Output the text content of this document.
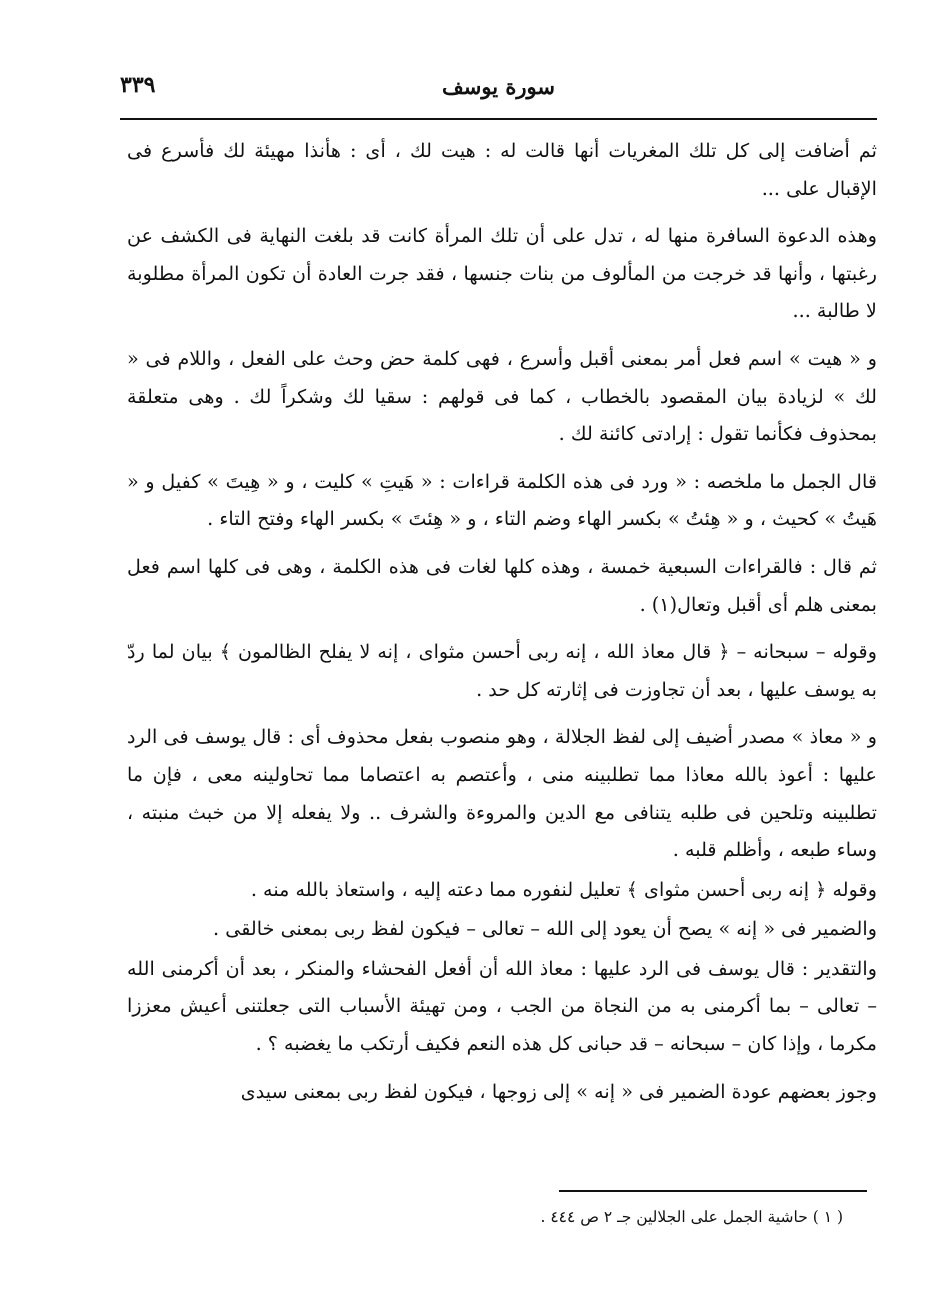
٣٣٩	سورة يوسف

ثم أضافت إلى كل تلك المغريات أنها قالت له : هيت لك ، أى : هأنذا مهيئة لك فأسرع فى الإقبال على ...

وهذه الدعوة السافرة منها له ، تدل على أن تلك المرأة كانت قد بلغت النهاية فى الكشف عن رغبتها ، وأنها قد خرجت من المألوف من بنات جنسها ، فقد جرت العادة أن تكون المرأة مطلوبة لا طالبة ...

و « هيت » اسم فعل أمر بمعنى أقبل وأسرع ، فهى كلمة حض وحث على الفعل ، واللام فى « لك » لزيادة بيان المقصود بالخطاب ، كما فى قولهم : سقيا لك وشكراً لك . وهى متعلقة بمحذوف فكأنما تقول : إرادتى كائنة لك .

قال الجمل ما ملخصه : « ورد فى هذه الكلمة قراءات : « هَيتِ » كليت ، و « هِيتَ » كفيل و « هَيتُ » كحيث ، و « هِئتُ » بكسر الهاء وضم التاء ، و « هِئتَ » بكسر الهاء وفتح التاء .

ثم قال : فالقراءات السبعية خمسة ، وهذه كلها لغات فى هذه الكلمة ، وهى فى كلها اسم فعل بمعنى هلم أى أقبل وتعال(١) .

وقوله – سبحانه – ﴿ قال معاذ الله ، إنه ربى أحسن مثواى ، إنه لا يفلح الظالمون ﴾ بيان لما ردّ به يوسف عليها ، بعد أن تجاوزت فى إثارته كل حد .

و « معاذ » مصدر أضيف إلى لفظ الجلالة ، وهو منصوب بفعل محذوف أى : قال يوسف فى الرد عليها : أعوذ بالله معاذا مما تطلبينه منى ، وأعتصم به اعتصاما مما تحاولينه معى ، فإن ما تطلبينه وتلحين فى طلبه يتنافى مع الدين والمروءة والشرف .. ولا يفعله إلا من خبث منبته ، وساء طبعه ، وأظلم قلبه .

وقوله ﴿ إنه ربى أحسن مثواى ﴾ تعليل لنفوره مما دعته إليه ، واستعاذ بالله منه .

والضمير فى « إنه » يصح أن يعود إلى الله – تعالى – فيكون لفظ ربى بمعنى خالقى .

والتقدير : قال يوسف فى الرد عليها : معاذ الله أن أفعل الفحشاء والمنكر ، بعد أن أكرمنى الله – تعالى – بما أكرمنى به من النجاة من الجب ، ومن تهيئة الأسباب التى جعلتنى أعيش معززا مكرما ، وإذا كان – سبحانه – قد حبانى كل هذه النعم فكيف أرتكب ما يغضبه ؟ .

وجوز بعضهم عودة الضمير فى « إنه » إلى زوجها ، فيكون لفظ ربى بمعنى سيدى

( ١ ) حاشية الجمل على الجلالين جـ ٢ ص ٤٤٤ .
